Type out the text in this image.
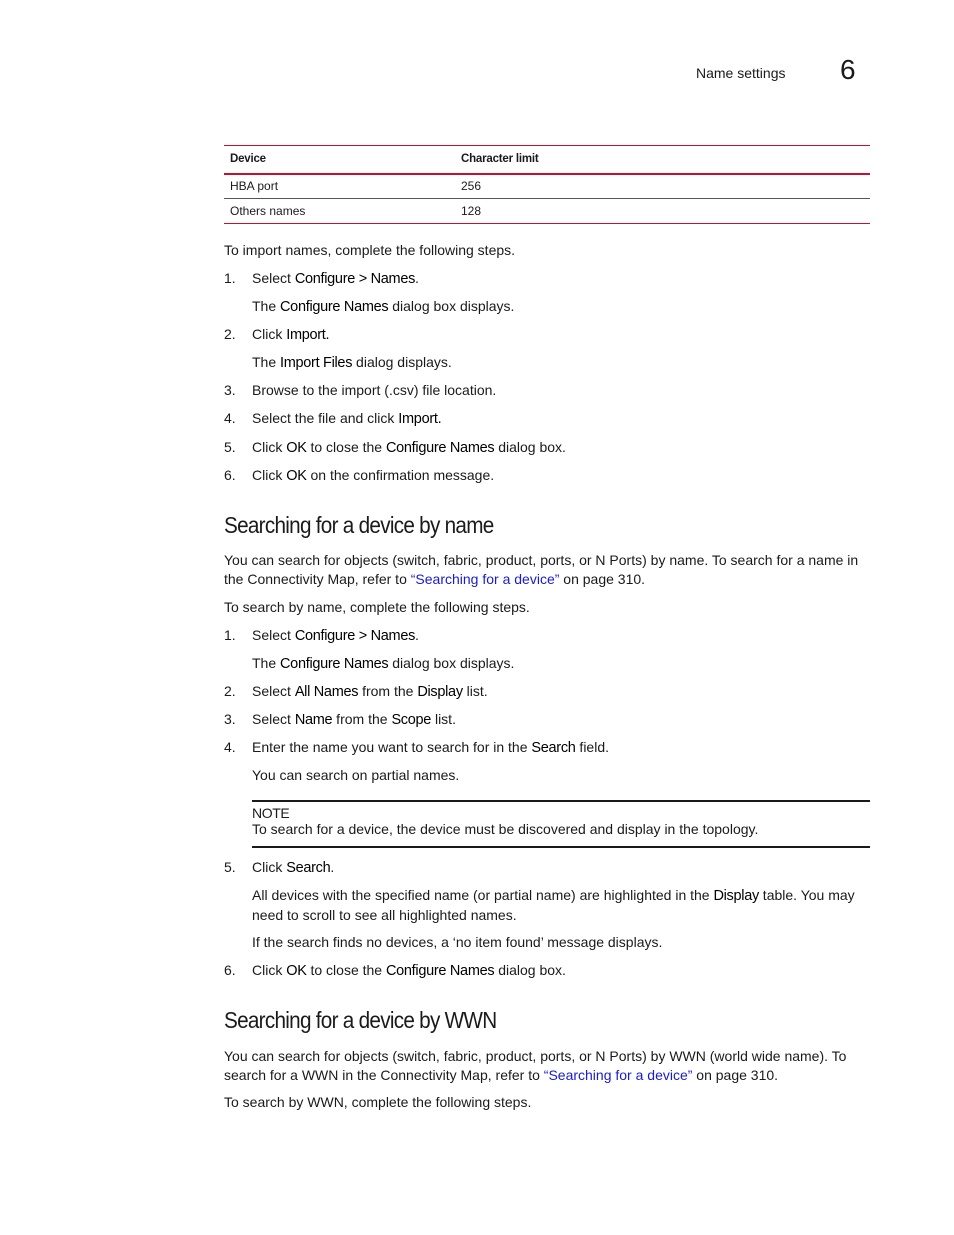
Name settings 6
Device	Character limit
HBA port	256
Others names	128
To import names, complete the following steps.
1. Select Configure > Names.
The Configure Names dialog box displays.
2. Click Import.
The Import Files dialog displays.
3. Browse to the import (.csv) file location.
4. Select the file and click Import.
5. Click OK to close the Configure Names dialog box.
6. Click OK on the confirmation message.
Searching for a device by name
You can search for objects (switch, fabric, product, ports, or N Ports) by name. To search for a name in the Connectivity Map, refer to “Searching for a device” on page 310.
To search by name, complete the following steps.
1. Select Configure > Names.
The Configure Names dialog box displays.
2. Select All Names from the Display list.
3. Select Name from the Scope list.
4. Enter the name you want to search for in the Search field.
You can search on partial names.
NOTE
To search for a device, the device must be discovered and display in the topology.
5. Click Search.
All devices with the specified name (or partial name) are highlighted in the Display table. You may need to scroll to see all highlighted names.
If the search finds no devices, a ‘no item found’ message displays.
6. Click OK to close the Configure Names dialog box.
Searching for a device by WWN
You can search for objects (switch, fabric, product, ports, or N Ports) by WWN (world wide name). To search for a WWN in the Connectivity Map, refer to “Searching for a device” on page 310.
To search by WWN, complete the following steps.
